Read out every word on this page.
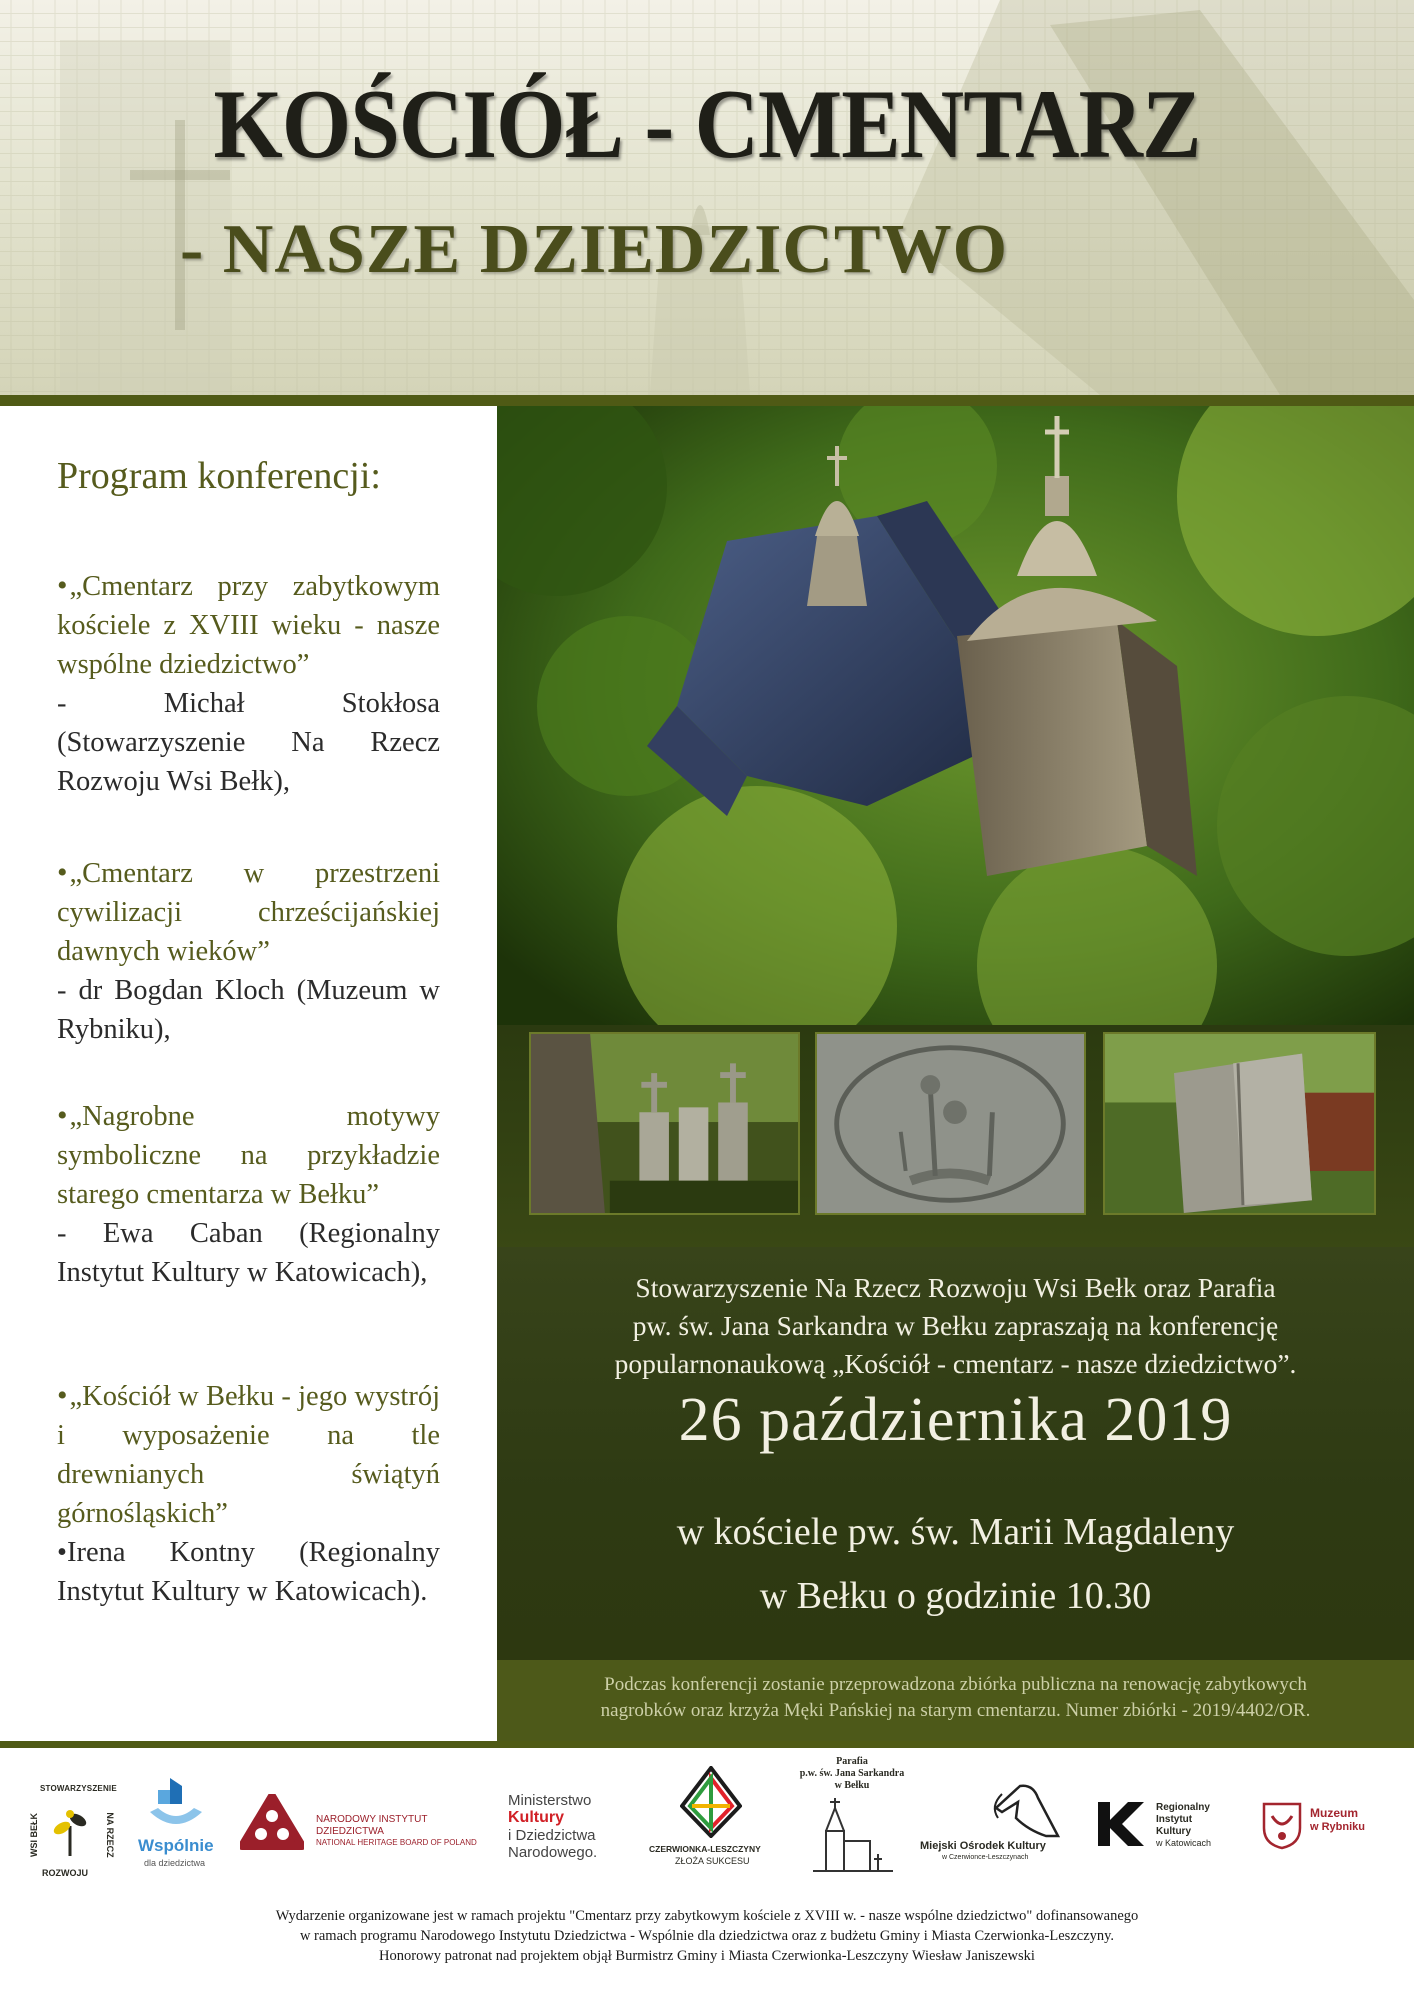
KOŚCIÓŁ - CMENTARZ
- NASZE DZIEDZICTWO
Program konferencji:
•„Cmentarz przy zabytkowym kościele z XVIII wieku - nasze wspólne dziedzictwo”
- Michał Stokłosa (Stowarzyszenie Na Rzecz Rozwoju Wsi Bełk),
•„Cmentarz w przestrzeni cywilizacji chrześcijańskiej dawnych wieków”
- dr Bogdan Kloch (Muzeum w Rybniku),
•„Nagrobne motywy symboliczne na przykładzie starego cmentarza w Bełku”
- Ewa Caban (Regionalny Instytut Kultury w Katowicach),
•„Kościół w Bełku - jego wystrój i wyposażenie na tle drewnianych świątyń górnośląskich”
•Irena Kontny (Regionalny Instytut Kultury w Katowicach).
Stowarzyszenie Na Rzecz Rozwoju Wsi Bełk oraz Parafia
pw. św. Jana Sarkandra w Bełku zapraszają na konferencję
popularnonaukową „Kościół - cmentarz - nasze dziedzictwo”.
26 października 2019
w kościele pw. św. Marii Magdaleny
w Bełku o godzinie 10.30
Podczas konferencji zostanie przeprowadzona zbiórka publiczna na renowację zabytkowych
nagrobków oraz krzyża Męki Pańskiej na starym cmentarzu. Numer zbiórki - 2019/4402/OR.
STOWARZYSZENIE
WSI BEŁK	NA RZECZ
ROZWOJU
Wspólnie
dla dziedzictwa
NARODOWY INSTYTUT
DZIEDZICTWA
NATIONAL HERITAGE BOARD OF POLAND
Ministerstwo
Kultury
i Dziedzictwa
Narodowego.	CZERWIONKA-LESZCZYNY
ZŁOŻA SUKCESU
Parafia
p.w. św. Jana Sarkandra
w Bełku
Miejski Ośrodek Kultury
w Czerwionce-Leszczynach
Regionalny
Instytut
Kultury
w Katowicach
Muzeum
w Rybniku
Wydarzenie organizowane jest w ramach projektu "Cmentarz przy zabytkowym kościele z XVIII w. - nasze wspólne dziedzictwo" dofinansowanego
w ramach programu Narodowego Instytutu Dziedzictwa - Wspólnie dla dziedzictwa oraz z budżetu Gminy i Miasta Czerwionka-Leszczyny.
Honorowy patronat nad projektem objął Burmistrz Gminy i Miasta Czerwionka-Leszczyny Wiesław Janiszewski
